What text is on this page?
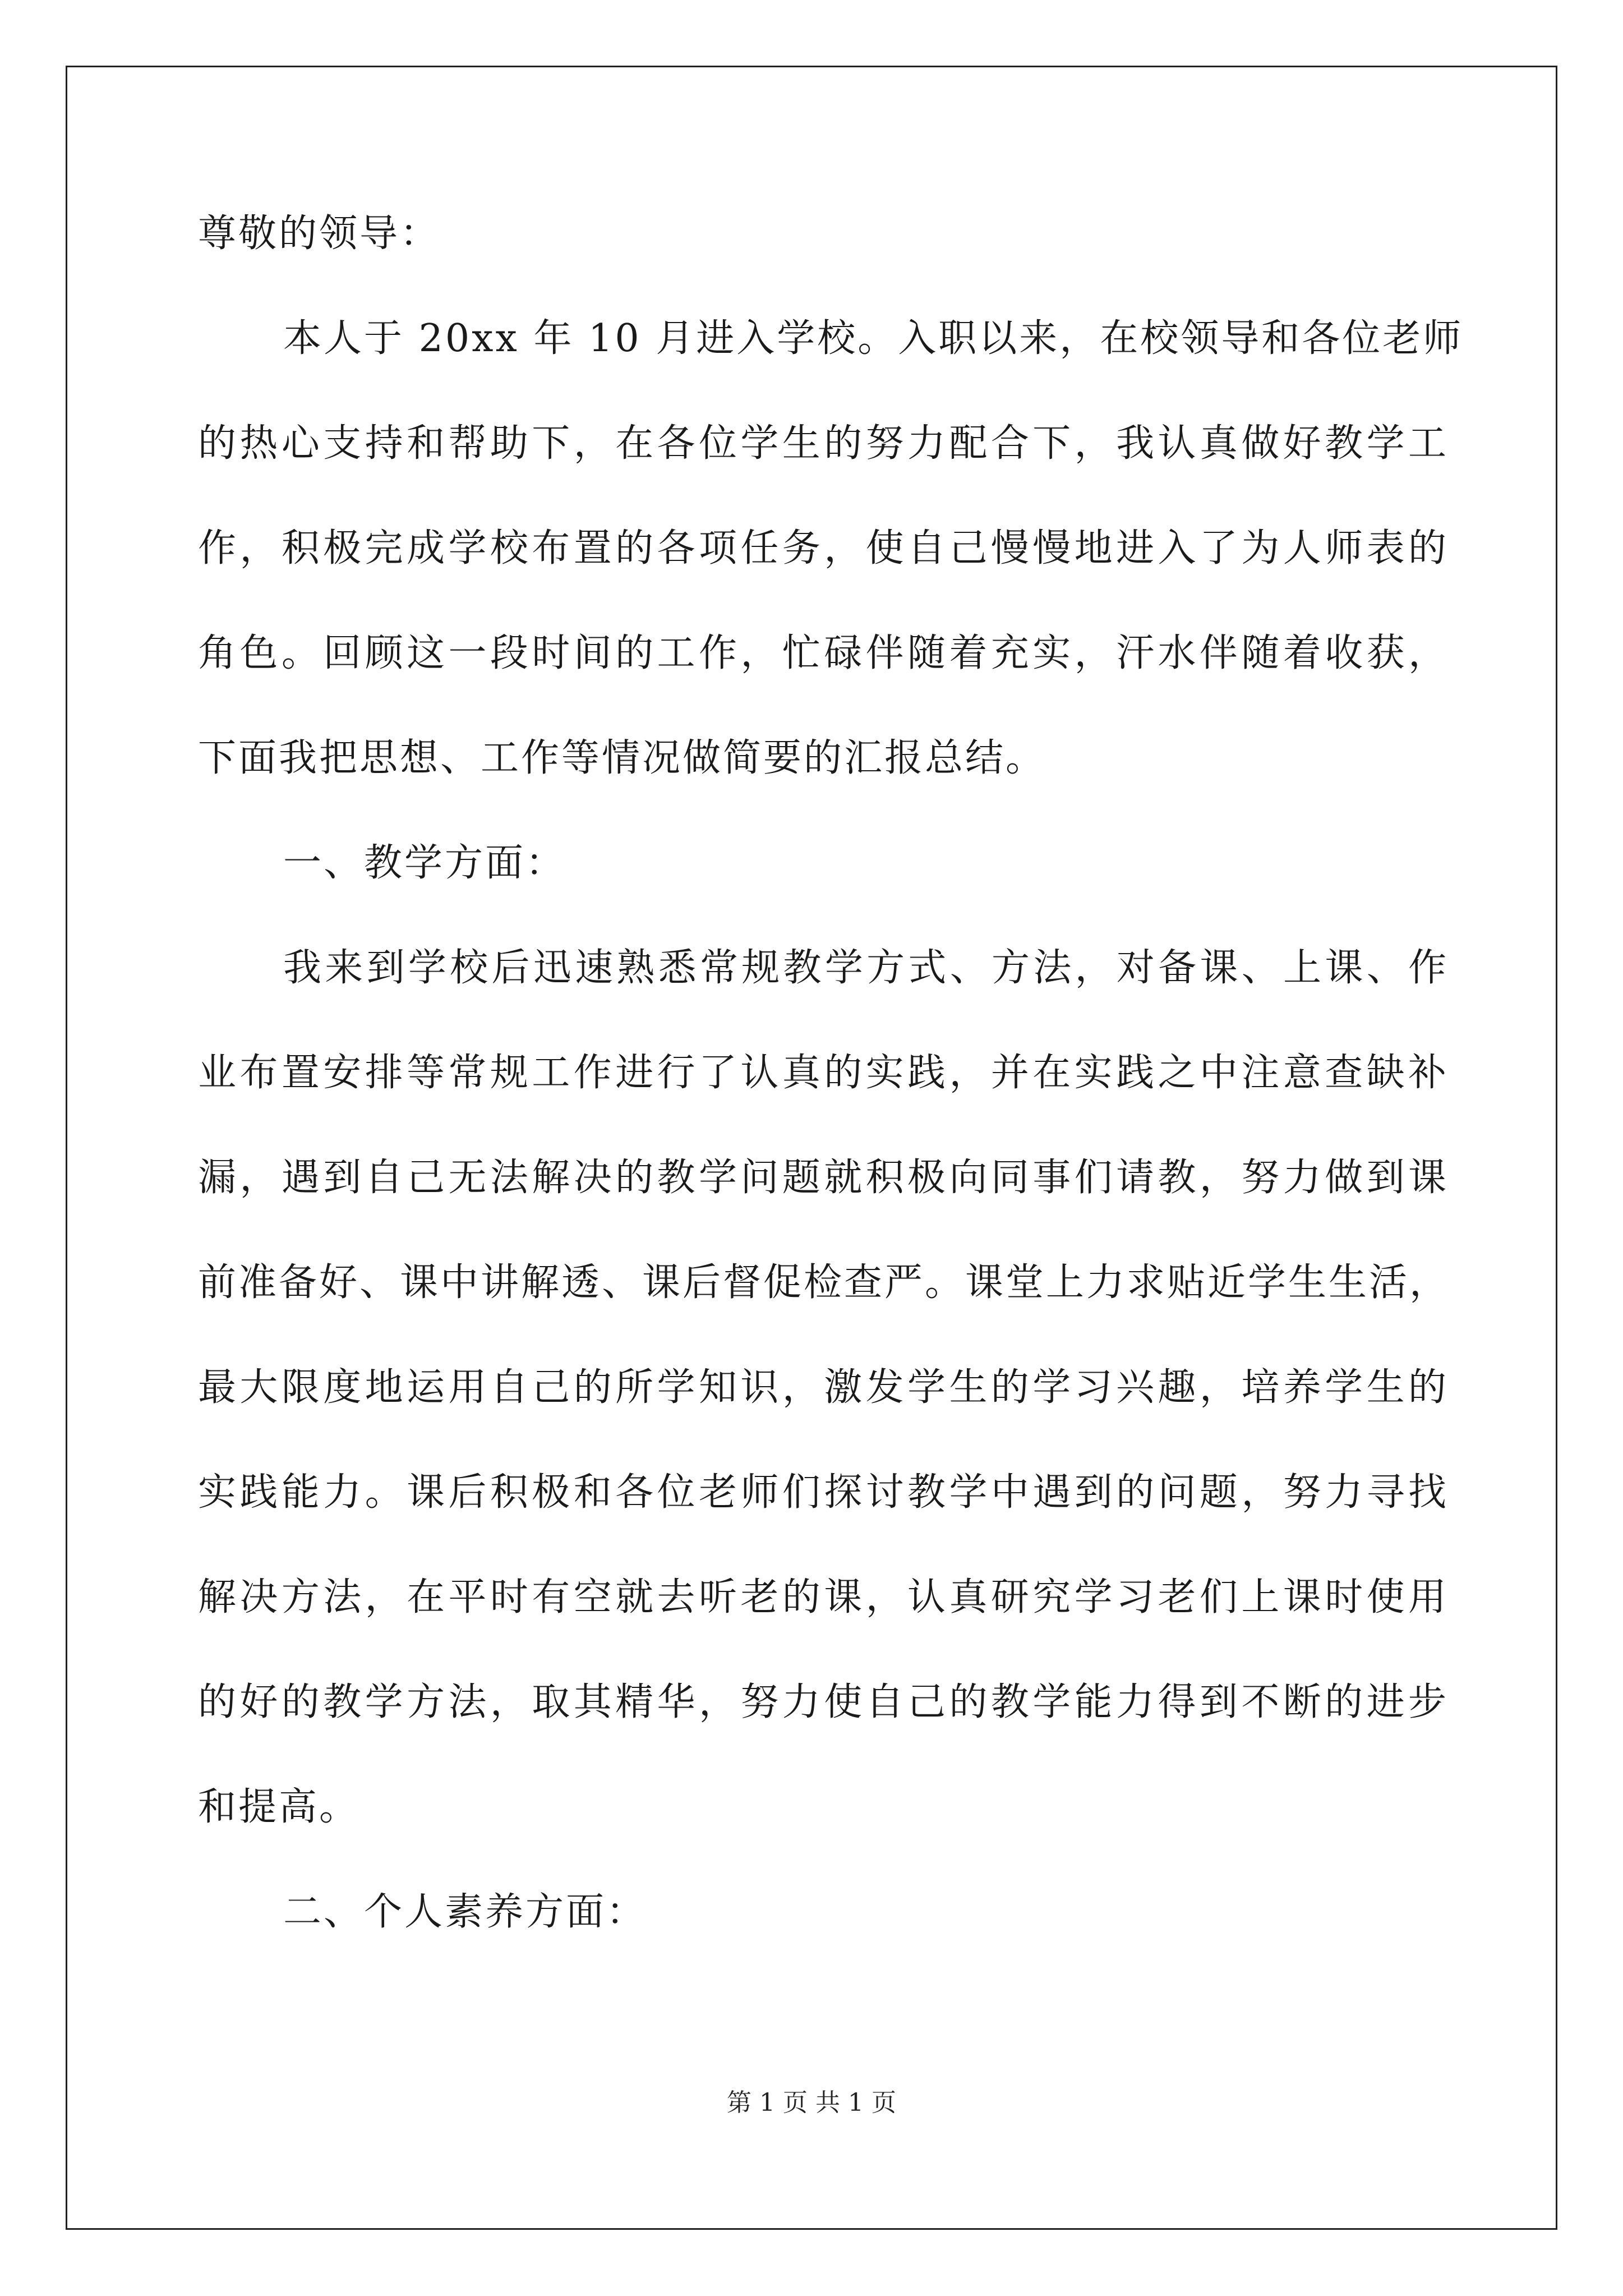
尊敬的领导：
本人于 20xx 年 10 月进入学校。入职以来，在校领导和各位老师
的热心支持和帮助下，在各位学生的努力配合下，我认真做好教学工
作，积极完成学校布置的各项任务，使自己慢慢地进入了为人师表的
角色。回顾这一段时间的工作，忙碌伴随着充实，汗水伴随着收获，
下面我把思想、工作等情况做简要的汇报总结。
一、教学方面：
我来到学校后迅速熟悉常规教学方式、方法，对备课、上课、作
业布置安排等常规工作进行了认真的实践，并在实践之中注意查缺补
漏，遇到自己无法解决的教学问题就积极向同事们请教，努力做到课
前准备好、课中讲解透、课后督促检查严。课堂上力求贴近学生生活，
最大限度地运用自己的所学知识，激发学生的学习兴趣，培养学生的
实践能力。课后积极和各位老师们探讨教学中遇到的问题，努力寻找
解决方法，在平时有空就去听老的课，认真研究学习老们上课时使用
的好的教学方法，取其精华，努力使自己的教学能力得到不断的进步
和提高。
二、个人素养方面：
第 1 页 共 1 页
